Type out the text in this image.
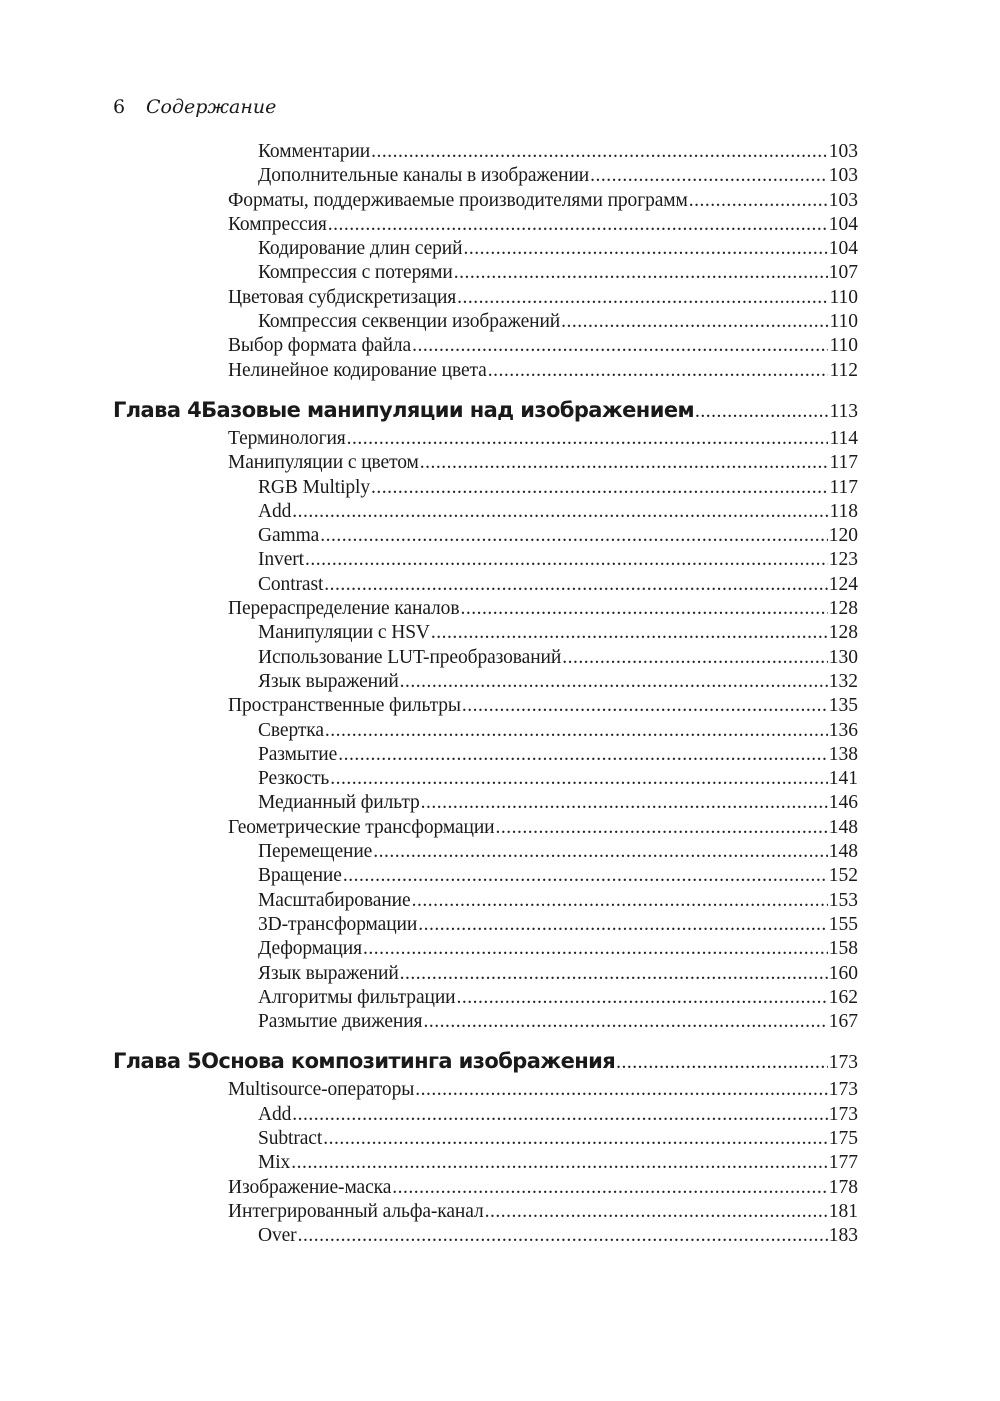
6 Содержание
Комментарии .....	103
Дополнительные каналы в изображении .....	103
Форматы, поддерживаемые производителями программ .....	103
Компрессия .....	104
Кодирование длин серий .....	104
Компрессия с потерями .....	107
Цветовая субдискретизация .....	110
Компрессия секвенции изображений .....	110
Выбор формата файла .....	110
Нелинейное кодирование цвета .....	112
Глава 4 Базовые манипуляции над изображением .....	113
Терминология .....	114
Манипуляции с цветом .....	117
RGB Multiply .....	117
Add .....	118
Gamma .....	120
Invert .....	123
Contrast .....	124
Перераспределение каналов .....	128
Манипуляции с HSV .....	128
Использование LUT-преобразований .....	130
Язык выражений .....	132
Пространственные фильтры .....	135
Свертка .....	136
Размытие .....	138
Резкость .....	141
Медианный фильтр .....	146
Геометрические трансформации .....	148
Перемещение .....	148
Вращение .....	152
Масштабирование .....	153
3D-трансформации .....	155
Деформация .....	158
Язык выражений .....	160
Алгоритмы фильтрации .....	162
Размытие движения .....	167
Глава 5 Основа композитинга изображения .....	173
Multisource-операторы .....	173
Add .....	173
Subtract .....	175
Mix .....	177
Изображение-маска .....	178
Интегрированный альфа-канал .....	181
Over .....	183
